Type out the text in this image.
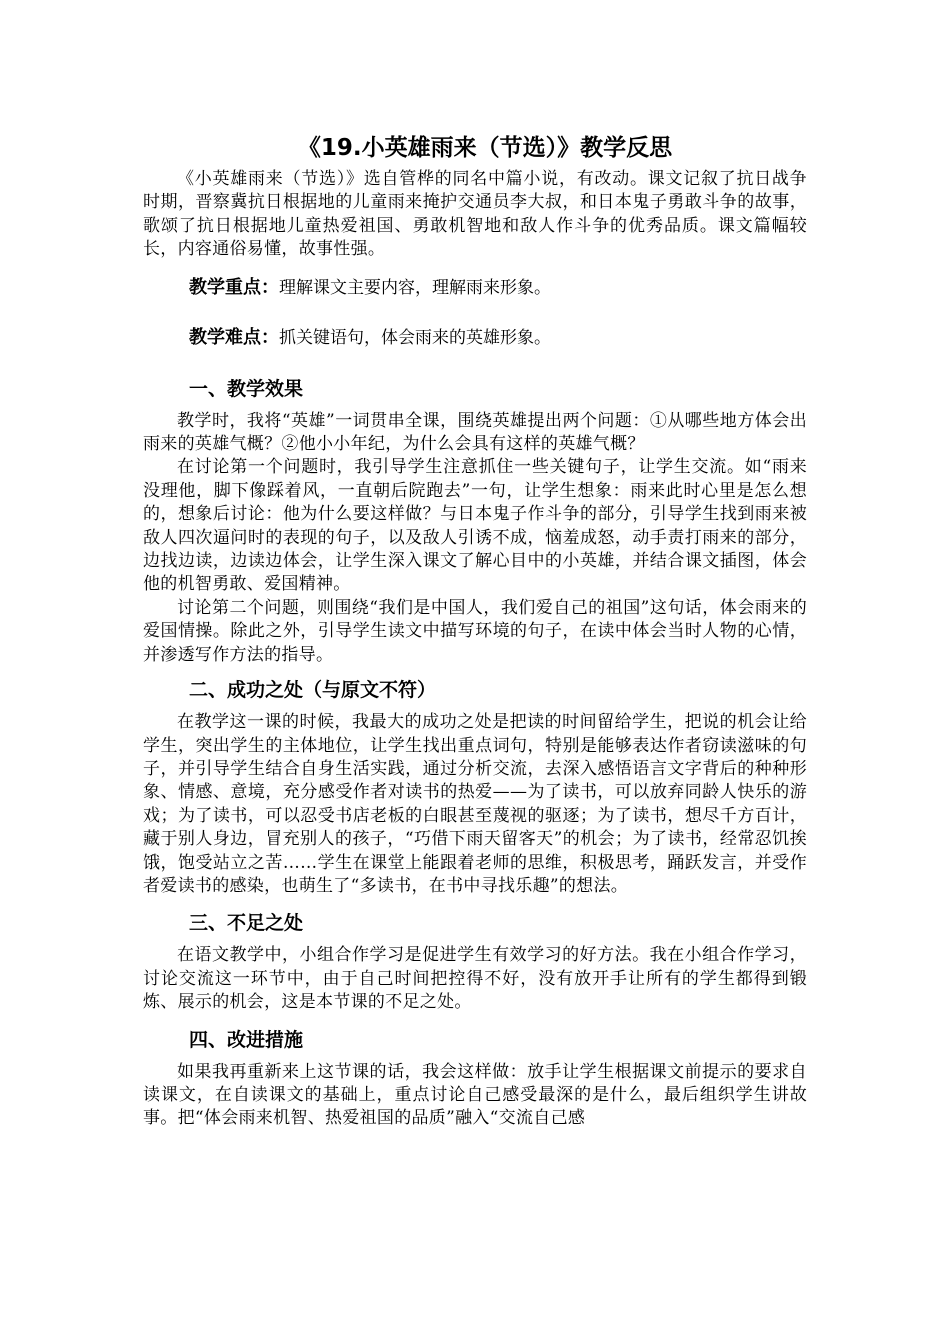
《19.小英雄雨来（节选）》教学反思

《小英雄雨来（节选）》选自管桦的同名中篇小说，有改动。课文记叙了抗日战争时期，晋察冀抗日根据地的儿童雨来掩护交通员李大叔，和日本鬼子勇敢斗争的故事，歌颂了抗日根据地儿童热爱祖国、勇敢机智地和敌人作斗争的优秀品质。课文篇幅较长，内容通俗易懂，故事性强。

教学重点：理解课文主要内容，理解雨来形象。

教学难点：抓关键语句，体会雨来的英雄形象。

一、教学效果

教学时，我将“英雄”一词贯串全课，围绕英雄提出两个问题：①从哪些地方体会出雨来的英雄气概？②他小小年纪，为什么会具有这样的英雄气概？

在讨论第一个问题时，我引导学生注意抓住一些关键句子，让学生交流。如“雨来没理他，脚下像踩着风，一直朝后院跑去”一句，让学生想象：雨来此时心里是怎么想的，想象后讨论：他为什么要这样做？与日本鬼子作斗争的部分，引导学生找到雨来被敌人四次逼问时的表现的句子，以及敌人引诱不成，恼羞成怒，动手责打雨来的部分，边找边读，边读边体会，让学生深入课文了解心目中的小英雄，并结合课文插图，体会他的机智勇敢、爱国精神。

讨论第二个问题，则围绕“我们是中国人，我们爱自己的祖国”这句话，体会雨来的爱国情操。除此之外，引导学生读文中描写环境的句子，在读中体会当时人物的心情，并渗透写作方法的指导。

二、成功之处（与原文不符）

在教学这一课的时候，我最大的成功之处是把读的时间留给学生，把说的机会让给学生，突出学生的主体地位，让学生找出重点词句，特别是能够表达作者窃读滋味的句子，并引导学生结合自身生活实践，通过分析交流，去深入感悟语言文字背后的种种形象、情感、意境，充分感受作者对读书的热爱——为了读书，可以放弃同龄人快乐的游戏；为了读书，可以忍受书店老板的白眼甚至蔑视的驱逐；为了读书，想尽千方百计，藏于别人身边，冒充别人的孩子，“巧借下雨天留客天”的机会；为了读书，经常忍饥挨饿，饱受站立之苦……学生在课堂上能跟着老师的思维，积极思考，踊跃发言，并受作者爱读书的感染，也萌生了“多读书，在书中寻找乐趣”的想法。

三、不足之处

在语文教学中，小组合作学习是促进学生有效学习的好方法。我在小组合作学习，讨论交流这一环节中，由于自己时间把控得不好，没有放开手让所有的学生都得到锻炼、展示的机会，这是本节课的不足之处。

四、改进措施

如果我再重新来上这节课的话，我会这样做：放手让学生根据课文前提示的要求自读课文，在自读课文的基础上，重点讨论自己感受最深的是什么，最后组织学生讲故事。把“体会雨来机智、热爱祖国的品质”融入“交流自己感
